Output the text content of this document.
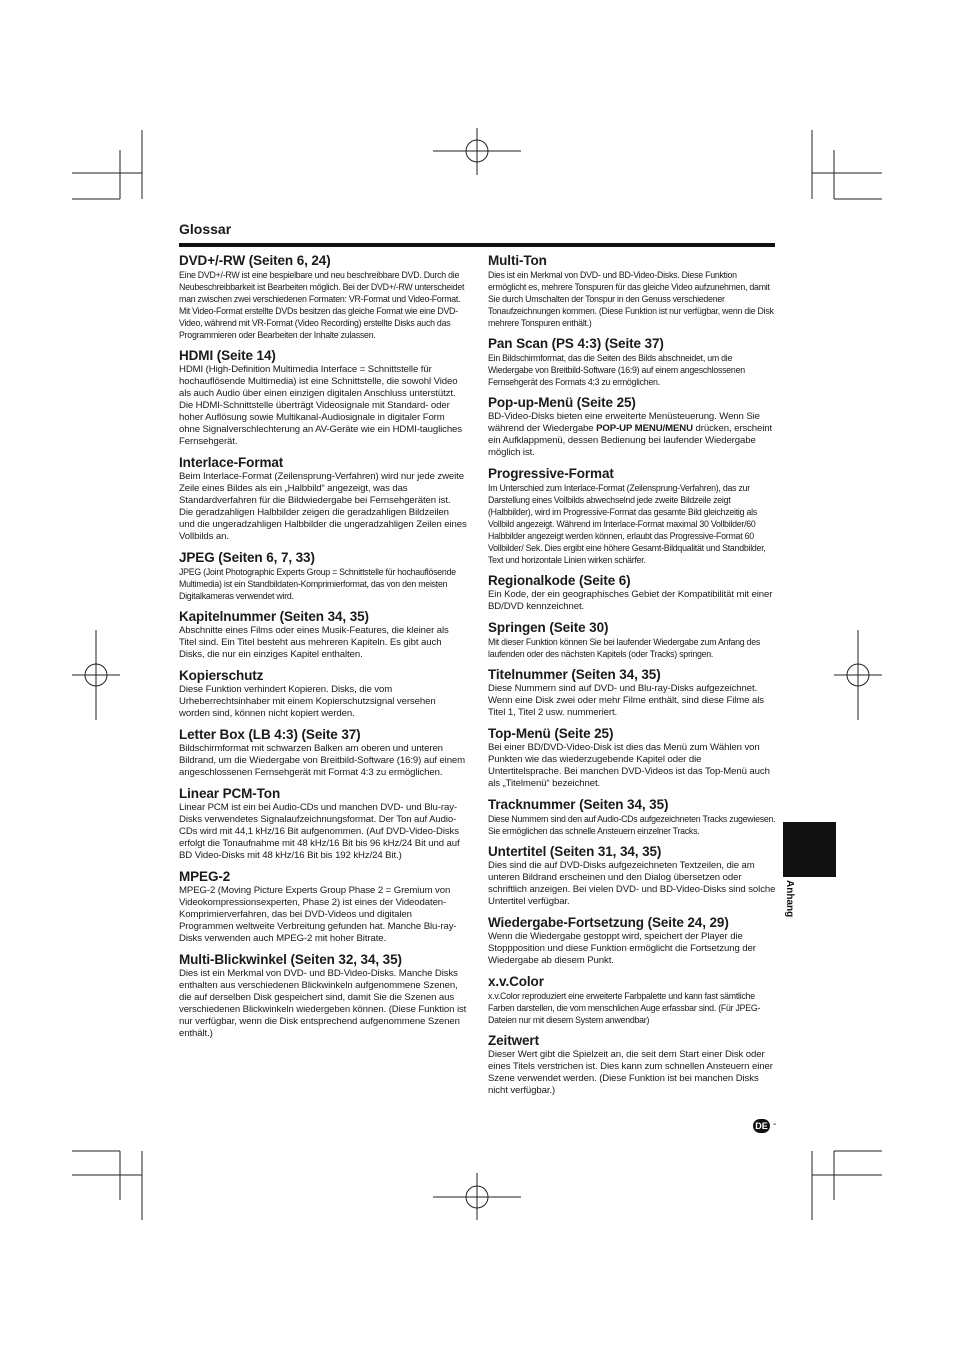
Glossar

DVD+/-RW (Seiten 6, 24)

Eine DVD+/-RW ist eine bespielbare und neu beschreibbare DVD. Durch die Neubeschreibbarkeit ist Bearbeiten möglich. Bei der DVD+/-RW unterscheidet man zwischen zwei verschiedenen Formaten: VR-Format und Video-Format. Mit Video-Format erstellte DVDs besitzen das gleiche Format wie eine DVD-Video, während mit VR-Format (Video Recording) erstellte Disks auch das Programmieren oder Bearbeiten der Inhalte zulassen.

HDMI (Seite 14)

HDMI (High-Definition Multimedia Interface = Schnittstelle für hochauflösende Multimedia) ist eine Schnittstelle, die sowohl Video als auch Audio über einen einzigen digitalen Anschluss unterstützt. Die HDMI-Schnittstelle überträgt Videosignale mit Standard- oder hoher Auflösung sowie Multikanal-Audiosignale in digitaler Form ohne Signalverschlechterung an AV-Geräte wie ein HDMI-taugliches Fernsehgerät.

Interlace-Format

Beim Interlace-Format (Zeilensprung-Verfahren) wird nur jede zweite Zeile eines Bildes als ein „Halbbild“ angezeigt, was das Standardverfahren für die Bildwiedergabe bei Fernsehgeräten ist. Die geradzahligen Halbbilder zeigen die geradzahligen Bildzeilen und die ungeradzahligen Halbbilder die ungeradzahligen Zeilen eines Vollbilds an.

JPEG (Seiten 6, 7, 33)

JPEG (Joint Photographic Experts Group = Schnittstelle für hochauflösende Multimedia) ist ein Standbildaten-Komprimierformat, das von den meisten Digitalkameras verwendet wird.

Kapitelnummer (Seiten 34, 35)

Abschnitte eines Films oder eines Musik-Features, die kleiner als Titel sind. Ein Titel besteht aus mehreren Kapiteln. Es gibt auch Disks, die nur ein einziges Kapitel enthalten.

Kopierschutz

Diese Funktion verhindert Kopieren. Disks, die vom Urheberrechtsinhaber mit einem Kopierschutzsignal versehen worden sind, können nicht kopiert werden.

Letter Box (LB 4:3) (Seite 37)

Bildschirmformat mit schwarzen Balken am oberen und unteren Bildrand, um die Wiedergabe von Breitbild-Software (16:9) auf einem angeschlossenen Fernsehgerät mit Format 4:3 zu ermöglichen.

Linear PCM-Ton

Linear PCM ist ein bei Audio-CDs und manchen DVD- und Blu-ray-Disks verwendetes Signalaufzeichnungsformat. Der Ton auf Audio-CDs wird mit 44,1 kHz/16 Bit aufgenommen. (Auf DVD-Video-Disks erfolgt die Tonaufnahme mit 48 kHz/16 Bit bis 96 kHz/24 Bit und auf BD Video-Disks mit 48 kHz/16 Bit bis 192 kHz/24 Bit.)

MPEG-2

MPEG-2 (Moving Picture Experts Group Phase 2 = Gremium von Videokompressionsexperten, Phase 2) ist eines der Videodaten-Komprimierverfahren, das bei DVD-Videos und digitalen Programmen weltweite Verbreitung gefunden hat. Manche Blu-ray-Disks verwenden auch MPEG-2 mit hoher Bitrate.

Multi-Blickwinkel (Seiten 32, 34, 35)

Dies ist ein Merkmal von DVD- und BD-Video-Disks. Manche Disks enthalten aus verschiedenen Blickwinkeln aufgenommene Szenen, die auf derselben Disk gespeichert sind, damit Sie die Szenen aus verschiedenen Blickwinkeln wiedergeben können. (Diese Funktion ist nur verfügbar, wenn die Disk entsprechend aufgenommene Szenen enthält.)

Multi-Ton

Dies ist ein Merkmal von DVD- und BD-Video-Disks. Diese Funktion ermöglicht es, mehrere Tonspuren für das gleiche Video aufzunehmen, damit Sie durch Umschalten der Tonspur in den Genuss verschiedener Tonaufzeichnungen kommen. (Diese Funktion ist nur verfügbar, wenn die Disk mehrere Tonspuren enthält.)

Pan Scan (PS 4:3) (Seite 37)

Ein Bildschirmformat, das die Seiten des Bilds abschneidet, um die Wiedergabe von Breitbild-Software (16:9) auf einem angeschlossenen Fernsehgerät des Formats 4:3 zu ermöglichen.

Pop-up-Menü (Seite 25)

BD-Video-Disks bieten eine erweiterte Menüsteuerung. Wenn Sie während der Wiedergabe POP-UP MENU/MENU drücken, erscheint ein Aufklappmenü, dessen Bedienung bei laufender Wiedergabe möglich ist.

Progressive-Format

Im Unterschied zum Interlace-Format (Zeilensprung-Verfahren), das zur Darstellung eines Vollbilds abwechselnd jede zweite Bildzeile zeigt (Halbbilder), wird im Progressive-Format das gesamte Bild gleichzeitig als Vollbild angezeigt. Während im Interlace-Format maximal 30 Vollbilder/60 Halbbilder angezeigt werden können, erlaubt das Progressive-Format 60 Vollbilder/ Sek. Dies ergibt eine höhere Gesamt-Bildqualität und Standbilder, Text und horizontale Linien wirken schärfer.

Regionalkode (Seite 6)

Ein Kode, der ein geographisches Gebiet der Kompatibilität mit einer BD/DVD kennzeichnet.

Springen (Seite 30)

Mit dieser Funktion können Sie bei laufender Wiedergabe zum Anfang des laufenden oder des nächsten Kapitels (oder Tracks) springen.

Titelnummer (Seiten 34, 35)

Diese Nummern sind auf DVD- und Blu-ray-Disks aufgezeichnet. Wenn eine Disk zwei oder mehr Filme enthält, sind diese Filme als Titel 1, Titel 2 usw. nummeriert.

Top-Menü (Seite 25)

Bei einer BD/DVD-Video-Disk ist dies das Menü zum Wählen von Punkten wie das wiederzugebende Kapitel oder die Untertitelsprache. Bei manchen DVD-Videos ist das Top-Menü auch als „Titelmenü“ bezeichnet.

Tracknummer (Seiten 34, 35)

Diese Nummern sind den auf Audio-CDs aufgezeichneten Tracks zugewiesen. Sie ermöglichen das schnelle Ansteuern einzelner Tracks.

Untertitel (Seiten 31, 34, 35)

Dies sind die auf DVD-Disks aufgezeichneten Textzeilen, die am unteren Bildrand erscheinen und den Dialog übersetzen oder schriftlich anzeigen. Bei vielen DVD- und BD-Video-Disks sind solche Untertitel verfügbar.

Wiedergabe-Fortsetzung (Seite 24, 29)

Wenn die Wiedergabe gestoppt wird, speichert der Player die Stoppposition und diese Funktion ermöglicht die Fortsetzung der Wiedergabe ab diesem Punkt.

x.v.Color

x.v.Color reproduziert eine erweiterte Farbpalette und kann fast sämtliche Farben darstellen, die vom menschlichen Auge erfassbar sind. (Für JPEG-Dateien nur mit diesem System anwendbar)

Zeitwert

Dieser Wert gibt die Spielzeit an, die seit dem Start einer Disk oder eines Titels verstrichen ist. Dies kann zum schnellen Ansteuern einer Szene verwendet werden. (Diese Funktion ist bei manchen Disks nicht verfügbar.)

Anhang
DE -
